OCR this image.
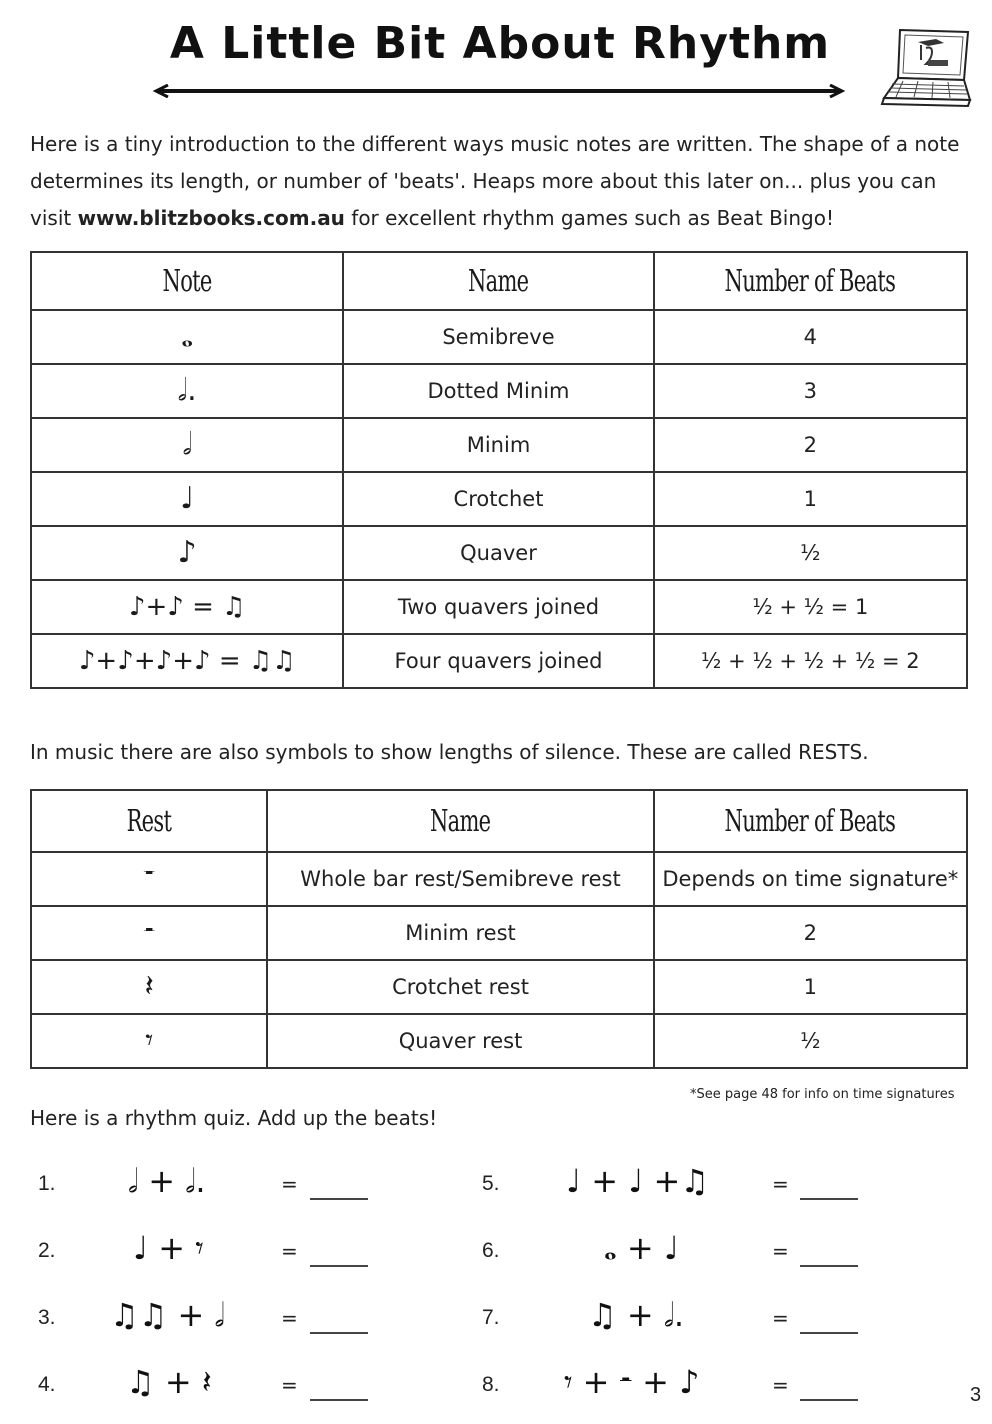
A Little Bit About Rhythm
Here is a tiny introduction to the different ways music notes are written. The shape of a note determines its length, or number of 'beats'. Heaps more about this later on... plus you can visit www.blitzbooks.com.au for excellent rhythm games such as Beat Bingo!
Note	Name	Number of Beats
𝅝	Semibreve	4
𝅗𝅥.	Dotted Minim	3
𝅗𝅥	Minim	2
♩	Crotchet	1
♪	Quaver	½
♪+♪ = ♫	Two quavers joined	½ + ½ = 1
♪+♪+♪+♪ = ♫♫	Four quavers joined	½ + ½ + ½ + ½ = 2
In music there are also symbols to show lengths of silence. These are called RESTS.
Rest	Name	Number of Beats
𝄻	Whole bar rest/Semibreve rest	Depends on time signature*
𝄼	Minim rest	2
𝄽	Crotchet rest	1
𝄾	Quaver rest	½
*See page 48 for info on time signatures
Here is a rhythm quiz. Add up the beats!
1. 𝅗𝅥 + 𝅗𝅥.	=
2. ♩ + 𝄾	=
3. ♫♫ + 𝅗𝅥	=
4. ♫ + 𝄽	=
5. ♩ + ♩ +♫	=
6.	𝅝 + ♩	=
7.	♫ + 𝅗𝅥.	=
8. 𝄾 + 𝄼 + ♪	=	3
